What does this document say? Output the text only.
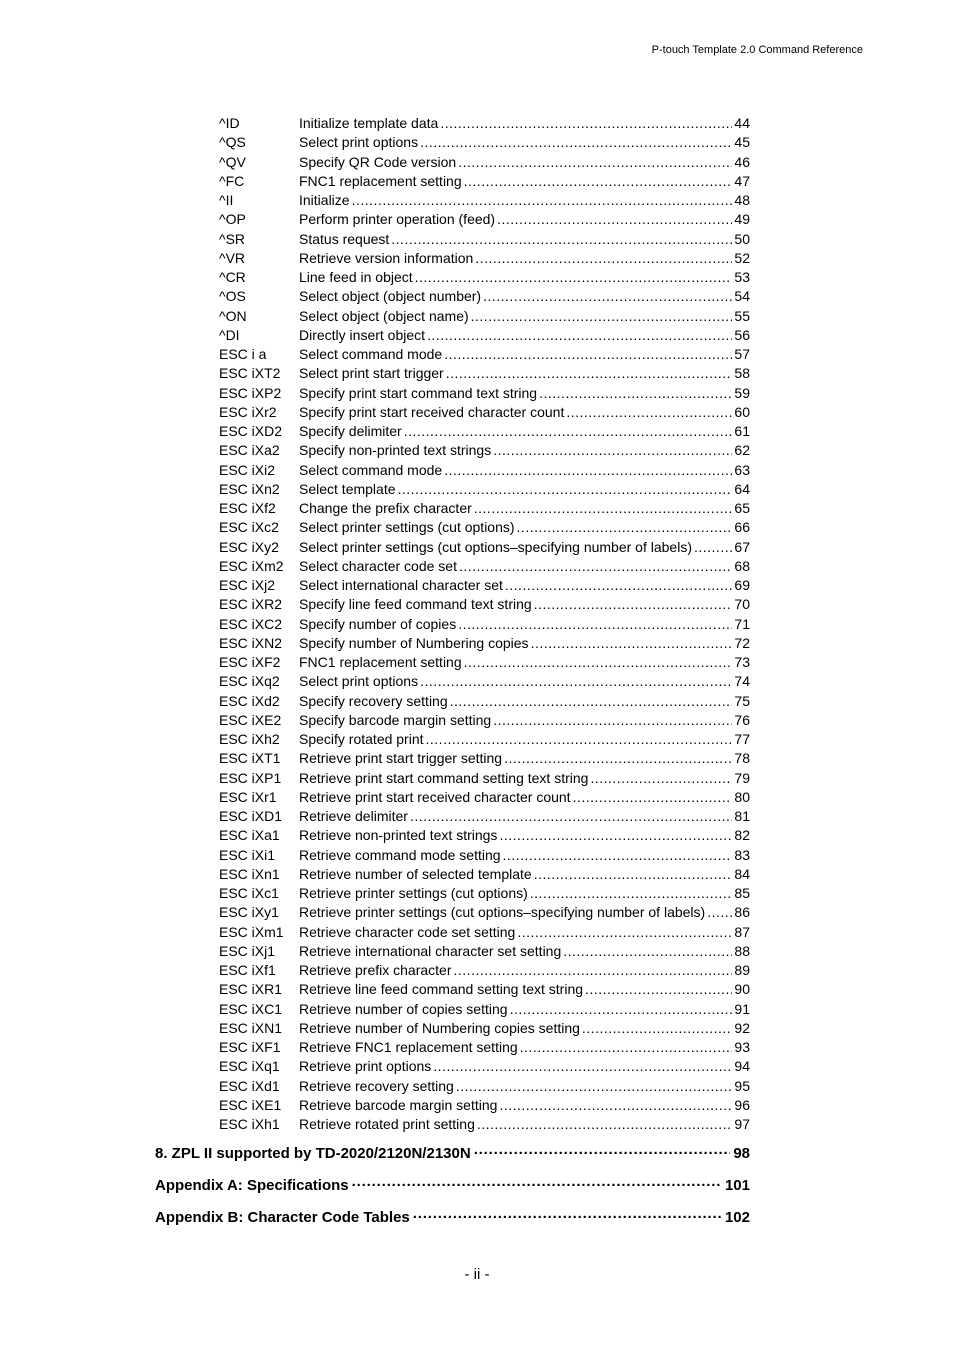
P-touch Template 2.0 Command Reference
^ID	Initialize template data .....	44
^QS	Select print options .....	45
^QV	Specify QR Code version .....	46
^FC	FNC1 replacement setting .....	47
^II	Initialize .....	48
^OP	Perform printer operation (feed) .....	49
^SR	Status request .....	50
^VR	Retrieve version information .....	52
^CR	Line feed in object .....	53
^OS	Select object (object number) .....	54
^ON	Select object (object name) .....	55
^DI	Directly insert object .....	56
ESC i a	Select command mode .....	57
ESC iXT2	Select print start trigger .....	58
ESC iXP2	Specify print start command text string .....	59
ESC iXr2	Specify print start received character count .....	60
ESC iXD2	Specify delimiter .....	61
ESC iXa2	Specify non-printed text strings .....	62
ESC iXi2	Select command mode .....	63
ESC iXn2	Select template .....	64
ESC iXf2	Change the prefix character .....	65
ESC iXc2	Select printer settings (cut options) .....	66
ESC iXy2	Select printer settings (cut options–specifying number of labels) .....	67
ESC iXm2	Select character code set .....	68
ESC iXj2	Select international character set .....	69
ESC iXR2	Specify line feed command text string .....	70
ESC iXC2	Specify number of copies .....	71
ESC iXN2	Specify number of Numbering copies .....	72
ESC iXF2	FNC1 replacement setting .....	73
ESC iXq2	Select print options .....	74
ESC iXd2	Specify recovery setting .....	75
ESC iXE2	Specify barcode margin setting .....	76
ESC iXh2	Specify rotated print .....	77
ESC iXT1	Retrieve print start trigger setting .....	78
ESC iXP1	Retrieve print start command setting text string .....	79
ESC iXr1	Retrieve print start received character count .....	80
ESC iXD1	Retrieve delimiter .....	81
ESC iXa1	Retrieve non-printed text strings .....	82
ESC iXi1	Retrieve command mode setting .....	83
ESC iXn1	Retrieve number of selected template .....	84
ESC iXc1	Retrieve printer settings (cut options) .....	85
ESC iXy1	Retrieve printer settings (cut options–specifying number of labels) ..... 86
ESC iXm1	Retrieve character code set setting .....	87
ESC iXj1	Retrieve international character set setting .....	88
ESC iXf1	Retrieve prefix character .....	89
ESC iXR1	Retrieve line feed command setting text string .....	90
ESC iXC1	Retrieve number of copies setting .....	91
ESC iXN1	Retrieve number of Numbering copies setting .....	92
ESC iXF1	Retrieve FNC1 replacement setting .....	93
ESC iXq1	Retrieve print options .....	94
ESC iXd1	Retrieve recovery setting .....	95
ESC iXE1	Retrieve barcode margin setting .....	96
ESC iXh1	Retrieve rotated print setting .....	97
8. ZPL II supported by TD-2020/2120N/2130N ·····	98
Appendix A: Specifications ·····	101
Appendix B: Character Code Tables ·····	102
- ii -
